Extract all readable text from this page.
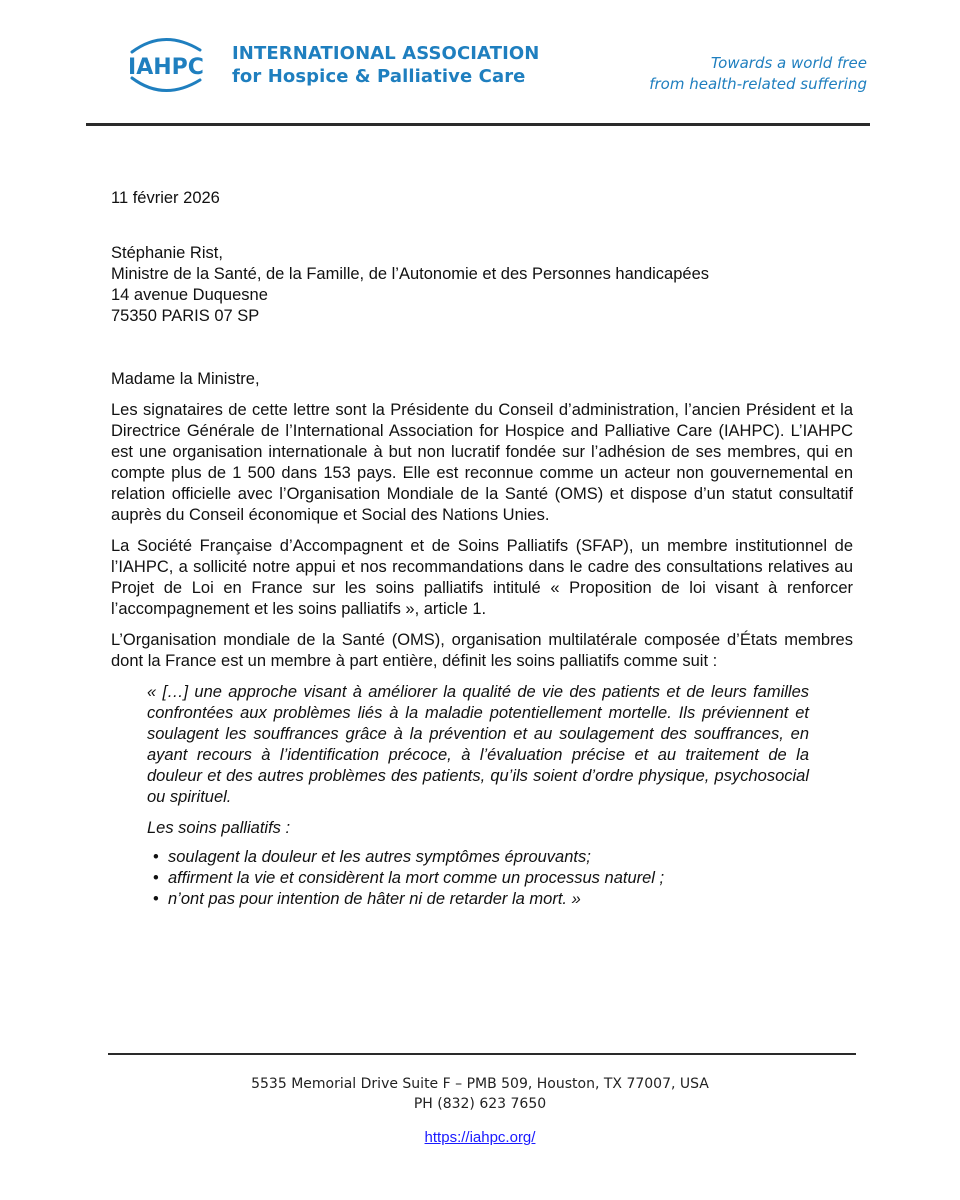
IAHPC
INTERNATIONAL ASSOCIATION
for Hospice & Palliative Care
Towards a world free
from health-related suffering

11 février 2026

Stéphanie Rist,

Ministre de la Santé, de la Famille, de l’Autonomie et des Personnes handicapées

14 avenue Duquesne

75350 PARIS 07 SP

Madame la Ministre,

Les signataires de cette lettre sont la Présidente du Conseil d’administration, l’ancien Président et la Directrice Générale de l’International Association for Hospice and Palliative Care (IAHPC). L’IAHPC est une organisation internationale à but non lucratif fondée sur l’adhésion de ses membres, qui en compte plus de 1 500 dans 153 pays. Elle est reconnue comme un acteur non gouvernemental en relation officielle avec l’Organisation Mondiale de la Santé (OMS) et dispose d’un statut consultatif auprès du Conseil économique et Social des Nations Unies.

La Société Française d’Accompagnent et de Soins Palliatifs (SFAP), un membre institutionnel de l’IAHPC, a sollicité notre appui et nos recommandations dans le cadre des consultations relatives au Projet de Loi en France sur les soins palliatifs intitulé « Proposition de loi visant à renforcer l’accompagnement et les soins palliatifs », article 1.

L’Organisation mondiale de la Santé (OMS), organisation multilatérale composée d’États membres dont la France est un membre à part entière, définit les soins palliatifs comme suit :

« […] une approche visant à améliorer la qualité de vie des patients et de leurs familles confrontées aux problèmes liés à la maladie potentiellement mortelle. Ils préviennent et soulagent les souffrances grâce à la prévention et au soulagement des souffrances, en ayant recours à l’identification précoce, à l’évaluation précise et au traitement de la douleur et des autres problèmes des patients, qu’ils soient d’ordre physique, psychosocial ou spirituel.

Les soins palliatifs :

• soulagent la douleur et les autres symptômes éprouvants;
• affirment la vie et considèrent la mort comme un processus naturel ;
• n’ont pas pour intention de hâter ni de retarder la mort. »
5535 Memorial Drive Suite F – PMB 509, Houston, TX 77007, USA
PH (832) 623 7650
https://iahpc.org/
